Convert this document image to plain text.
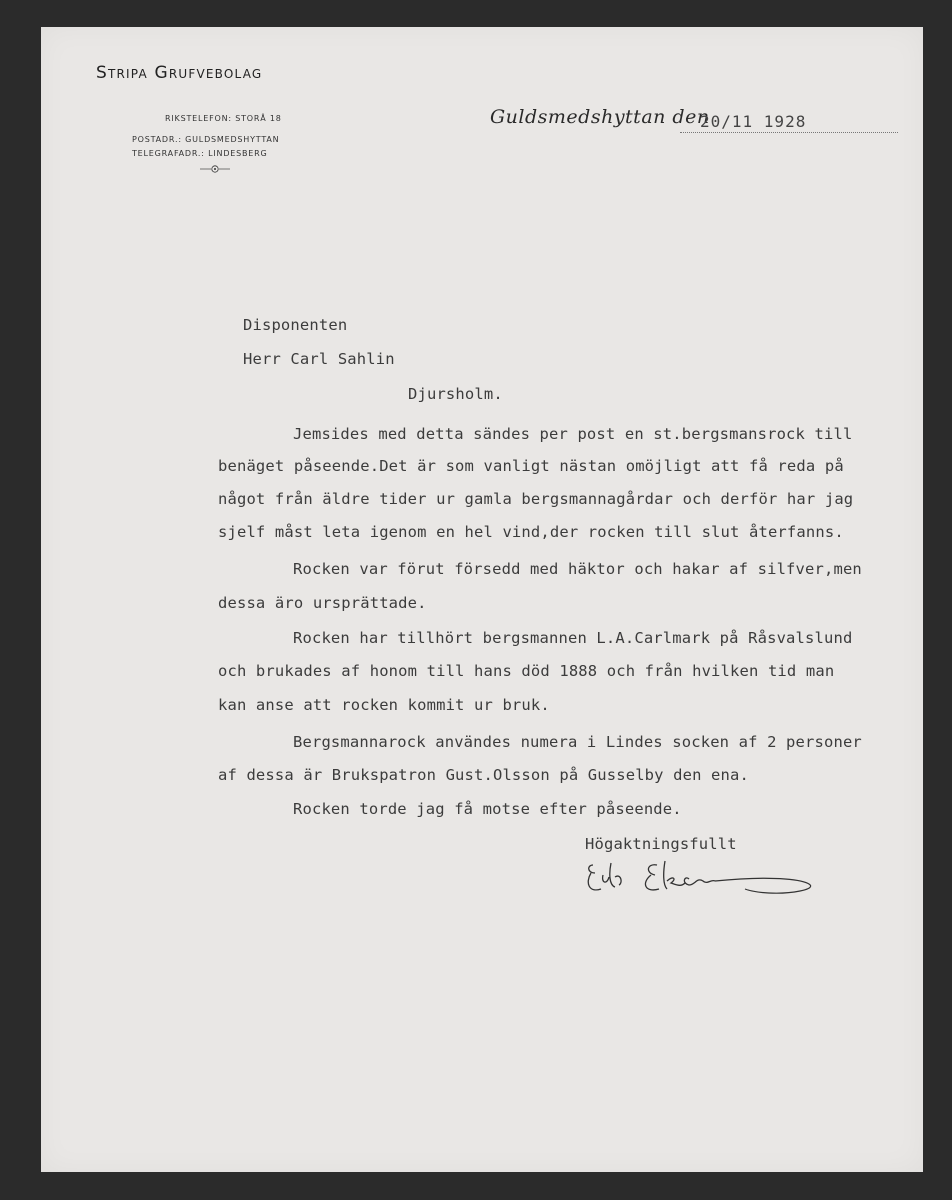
Stripa Grufvebolag
RIKSTELEFON: STORÅ 18
POSTADR.: GULDSMEDSHYTTAN
TELEGRAFADR.: LINDESBERG
Guldsmedshyttan den
20/11 1928
Disponenten
Herr Carl Sahlin
Djursholm.
Jemsides med detta sändes per post en st.bergsmansrock till
benäget påseende.Det är som vanligt nästan omöjligt att få reda på
något från äldre tider ur gamla bergsmannagårdar och derför har jag
sjelf måst leta igenom en hel vind,der rocken till slut återfanns.
Rocken var förut försedd med häktor och hakar af silfver,men
dessa äro ursprättade.
Rocken har tillhört bergsmannen L.A.Carlmark på Råsvalslund
och brukades af honom till hans död 1888 och från hvilken tid man
kan anse att rocken kommit ur bruk.
Bergsmannarock användes numera i Lindes socken af 2 personer
af dessa är Brukspatron Gust.Olsson på Gusselby den ena.
Rocken torde jag få motse efter påseende.
Högaktningsfullt
